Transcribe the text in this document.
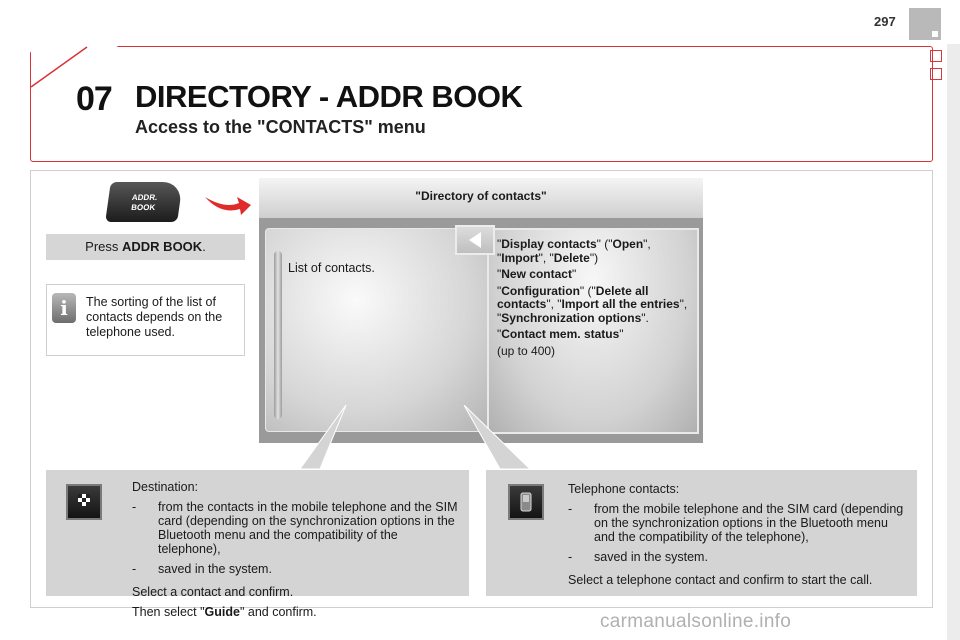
297
07 DIRECTORY - ADDR BOOK
Access to the "CONTACTS" menu
ADDR.
BOOK
Press ADDR BOOK.
i	The sorting of the list of contacts depends on the telephone used.
"Directory of contacts"
List of contacts.

"Display contacts" ("Open", "Import", "Delete")

"New contact"

"Configuration" ("Delete all contacts", "Import all the entries", "Synchronization options".

"Contact mem. status"

(up to 400)

Destination:

-	from the contacts in the mobile telephone and the SIM card (depending on the synchronization options in the Bluetooth menu and the compatibility of the telephone),
-	saved in the system.

Select a contact and confirm.

Then select "Guide" and confirm.

Telephone contacts:

-	from the mobile telephone and the SIM card (depending on the synchronization options in the Bluetooth menu and the compatibility of the telephone),
-	saved in the system.

Select a telephone contact and confirm to start the call.

carmanualsonline.info
